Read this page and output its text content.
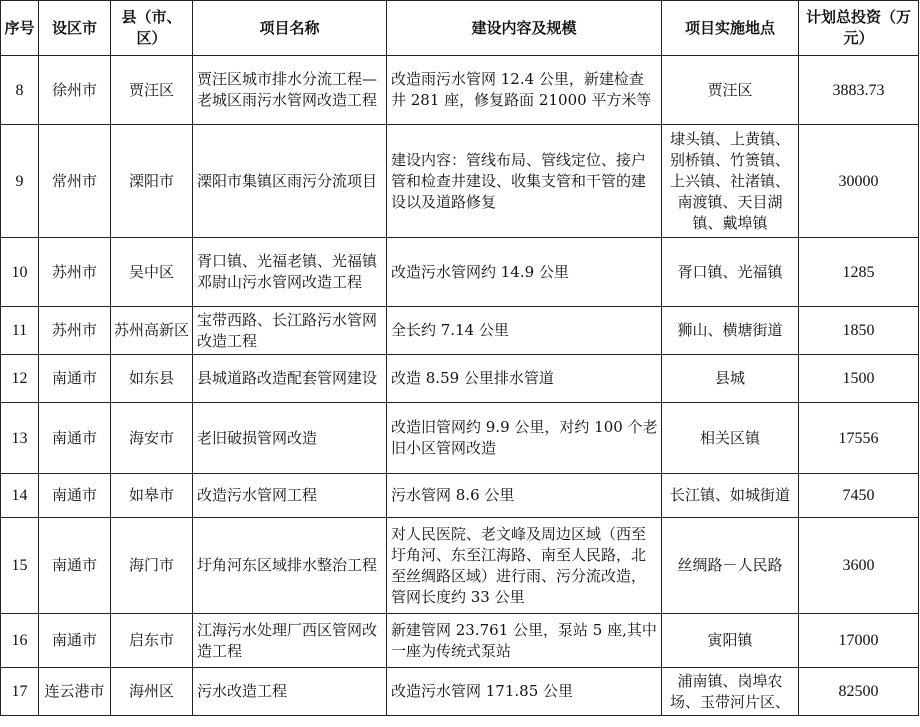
序号	设区市	县（市、区）	项目名称	建设内容及规模	项目实施地点	计划总投资（万元）
8	徐州市	贾汪区	贾汪区城市排水分流工程—老城区雨污水管网改造工程	改造雨污水管网 12.4 公里，新建检查井 281 座，修复路面 21000 平方米等	贾汪区	3883.73
9	常州市	溧阳市	溧阳市集镇区雨污分流项目	建设内容：管线布局、管线定位、接户管和检查井建设、收集支管和干管的建设以及道路修复	埭头镇、上黄镇、别桥镇、竹箦镇、上兴镇、社渚镇、南渡镇、天目湖镇、戴埠镇	30000
10	苏州市	吴中区	胥口镇、光福老镇、光福镇邓尉山污水管网改造工程	改造污水管网约 14.9 公里	胥口镇、光福镇	1285
11	苏州市	苏州高新区	宝带西路、长江路污水管网改造工程	全长约 7.14 公里	狮山、横塘街道	1850
12	南通市	如东县	县城道路改造配套管网建设	改造 8.59 公里排水管道	县城	1500
13	南通市	海安市	老旧破损管网改造	改造旧管网约 9.9 公里，对约 100 个老旧小区管网改造	相关区镇	17556
14	南通市	如皋市	改造污水管网工程	污水管网 8.6 公里	长江镇、如城街道	7450
15	南通市	海门市	圩角河东区域排水整治工程	对人民医院、老文峰及周边区域（西至圩角河、东至江海路、南至人民路，北至丝绸路区域）进行雨、污分流改造，管网长度约 33 公里	丝绸路－人民路	3600
16	南通市	启东市	江海污水处理厂西区管网改造工程	新建管网 23.761 公里，泵站 5 座,其中一座为传统式泵站	寅阳镇	17000
17	连云港市	海州区	污水改造工程	改造污水管网 171.85 公里	浦南镇、岗埠农场、玉带河片区、	82500
